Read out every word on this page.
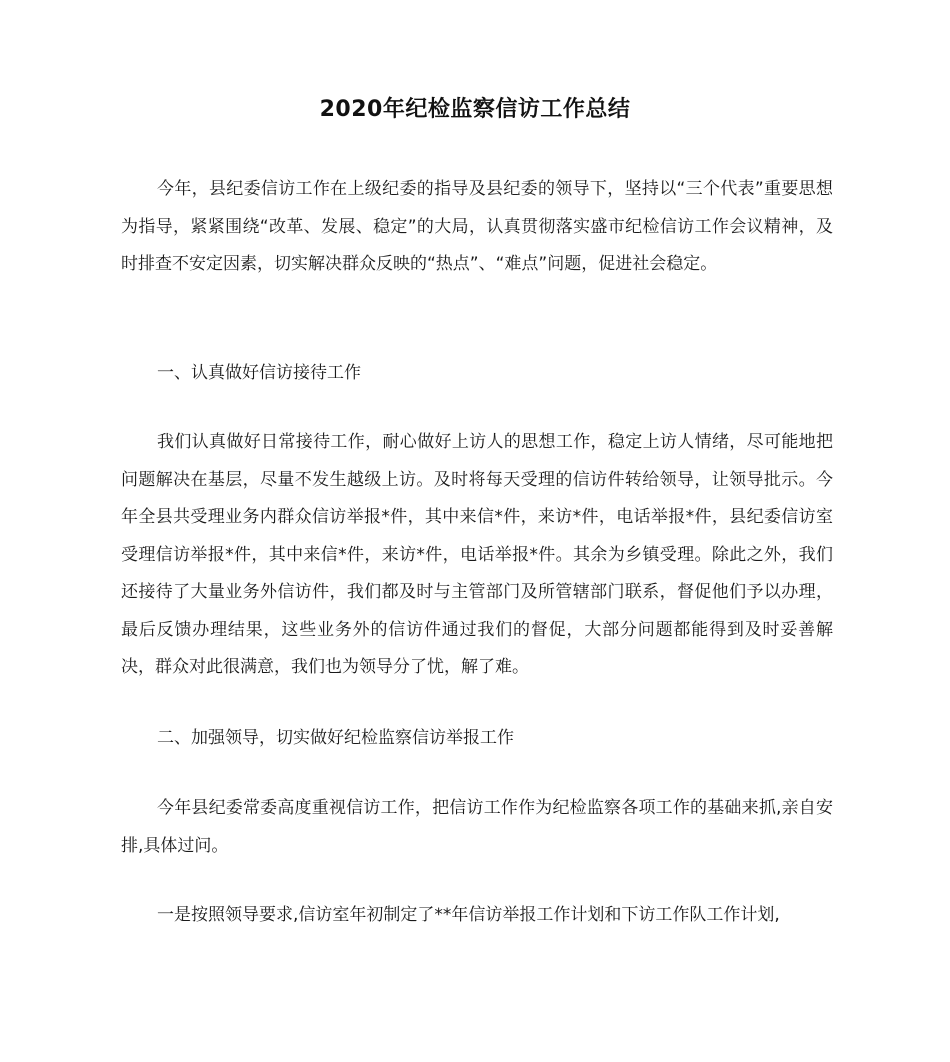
2020年纪检监察信访工作总结

今年，县纪委信访工作在上级纪委的指导及县纪委的领导下，坚持以“三个代表”重要思想为指导，紧紧围绕“改革、发展、稳定”的大局，认真贯彻落实盛市纪检信访工作会议精神，及时排查不安定因素，切实解决群众反映的“热点”、“难点”问题，促进社会稳定。

一、认真做好信访接待工作

我们认真做好日常接待工作，耐心做好上访人的思想工作，稳定上访人情绪，尽可能地把问题解决在基层，尽量不发生越级上访。及时将每天受理的信访件转给领导，让领导批示。今年全县共受理业务内群众信访举报*件，其中来信*件，来访*件，电话举报*件，县纪委信访室受理信访举报*件，其中来信*件，来访*件，电话举报*件。其余为乡镇受理。除此之外，我们还接待了大量业务外信访件，我们都及时与主管部门及所管辖部门联系，督促他们予以办理，最后反馈办理结果，这些业务外的信访件通过我们的督促，大部分问题都能得到及时妥善解决，群众对此很满意，我们也为领导分了忧，解了难。

二、加强领导，切实做好纪检监察信访举报工作

今年县纪委常委高度重视信访工作，把信访工作作为纪检监察各项工作的基础来抓,亲自安排,具体过问。

一是按照领导要求,信访室年初制定了**年信访举报工作计划和下访工作队工作计划,
